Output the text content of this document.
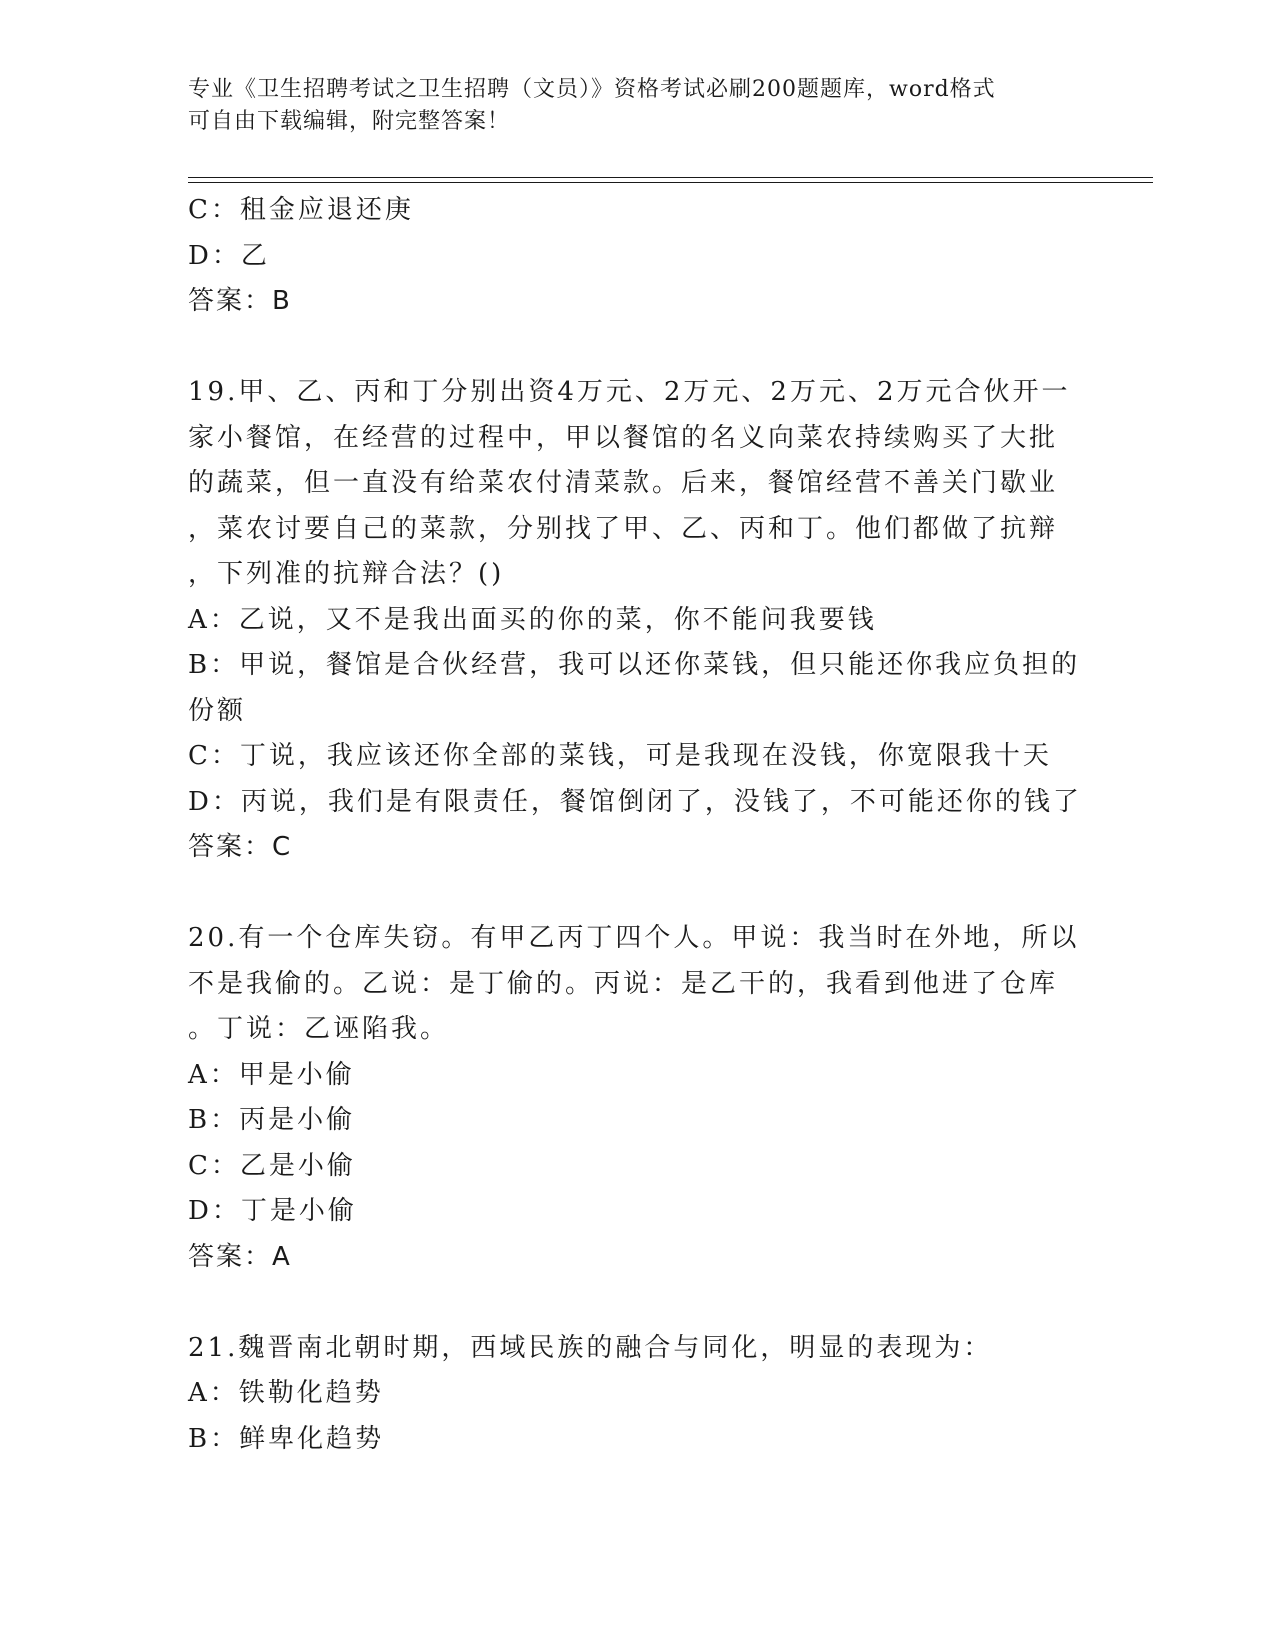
专业《卫生招聘考试之卫生招聘（文员）》资格考试必刷200题题库，word格式
可自由下载编辑，附完整答案！
C：租金应退还庚
D：乙
答案：B
19.甲、乙、丙和丁分别出资4万元、2万元、2万元、2万元合伙开一
家小餐馆，在经营的过程中，甲以餐馆的名义向菜农持续购买了大批
的蔬菜，但一直没有给菜农付清菜款。后来，餐馆经营不善关门歇业
，菜农讨要自己的菜款，分别找了甲、乙、丙和丁。他们都做了抗辩
，下列准的抗辩合法？()
A：乙说，又不是我出面买的你的菜，你不能问我要钱
B：甲说，餐馆是合伙经营，我可以还你菜钱，但只能还你我应负担的
份额
C：丁说，我应该还你全部的菜钱，可是我现在没钱，你宽限我十天
D：丙说，我们是有限责任，餐馆倒闭了，没钱了，不可能还你的钱了
答案：C
20.有一个仓库失窃。有甲乙丙丁四个人。甲说：我当时在外地，所以
不是我偷的。乙说：是丁偷的。丙说：是乙干的，我看到他进了仓库
。丁说：乙诬陷我。
A：甲是小偷
B：丙是小偷
C：乙是小偷
D：丁是小偷
答案：A
21.魏晋南北朝时期，西域民族的融合与同化，明显的表现为：
A：铁勒化趋势
B：鲜卑化趋势
